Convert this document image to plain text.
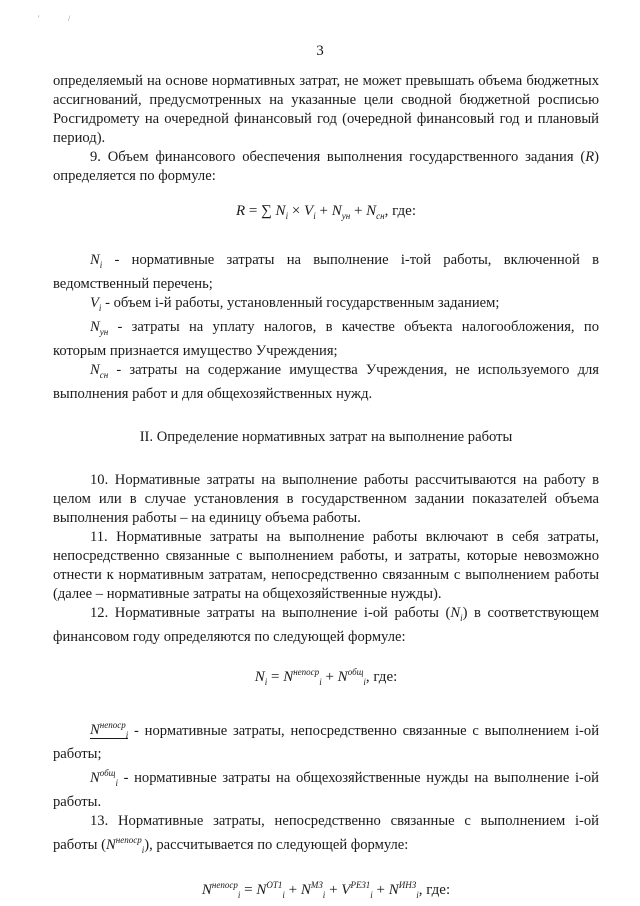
'	/
3

определяемый на основе нормативных затрат, не может превышать объема бюджетных ассигнований, предусмотренных на указанные цели сводной бюджетной росписью Росгидромету на очередной финансовый год (очередной финансовый год и плановый период).

9. Объем финансового обеспечения выполнения государственного задания (R) определяется по формуле:

R = ∑ $N_i \times V_i + N_{ун} + N_{сн}$, где:

$N_i$ - нормативные затраты на выполнение i-той работы, включенной в ведомственный перечень;

$V_i$ - объем i-й работы, установленный государственным заданием;

$N_{ун}$ - затраты на уплату налогов, в качестве объекта налогообложения, по которым признается имущество Учреждения;

$N_{сн}$ - затраты на содержание имущества Учреждения, не используемого для выполнения работ и для общехозяйственных нужд.

II. Определение нормативных затрат на выполнение работы

10. Нормативные затраты на выполнение работы рассчитываются на работу в целом или в случае установления в государственном задании показателей объема выполнения работы – на единицу объема работы.

11. Нормативные затраты на выполнение работы включают в себя затраты, непосредственно связанные с выполнением работы, и затраты, которые невозможно отнести к нормативным затратам, непосредственно связанным с выполнением работы (далее – нормативные затраты на общехозяйственные нужды).

12. Нормативные затраты на выполнение i-ой работы $(N_i)$ в соответствующем финансовом году определяются по следующей формуле:

$N_i = N^{непоср}_i + N^{общ}_i$, где:

$N^{непоср}_i$ - нормативные затраты, непосредственно связанные с выполнением i-ой работы;

$N^{общ}_i$ - нормативные затраты на общехозяйственные нужды на выполнение i-ой работы.

13. Нормативные затраты, непосредственно связанные с выполнением i-ой работы $(N^{непоср}_i)$, рассчитывается по следующей формуле:

$N^{непоср}_i = N^{ОТ1}_i + N^{МЗ}_i + V^{РЕЗ1}_i + N^{ИНЗ}_i$, где:
